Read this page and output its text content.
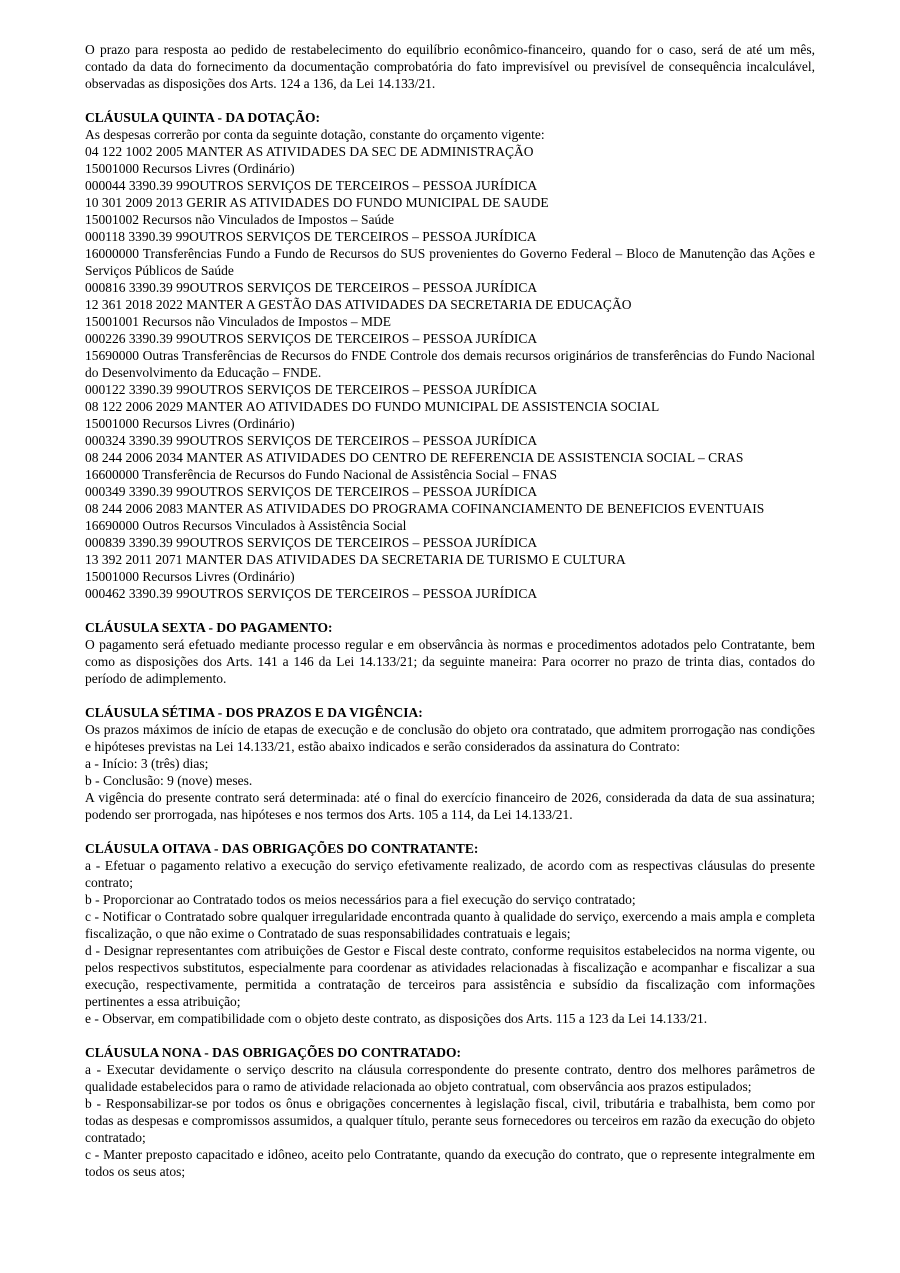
O prazo para resposta ao pedido de restabelecimento do equilíbrio econômico-financeiro, quando for o caso, será de até um mês, contado da data do fornecimento da documentação comprobatória do fato imprevisível ou previsível de consequência incalculável, observadas as disposições dos Arts. 124 a 136, da Lei 14.133/21.

CLÁUSULA QUINTA - DA DOTAÇÃO:

As despesas correrão por conta da seguinte dotação, constante do orçamento vigente:

04 122 1002 2005 MANTER AS ATIVIDADES DA SEC DE ADMINISTRAÇÃO

15001000 Recursos Livres (Ordinário)

000044 3390.39 99OUTROS SERVIÇOS DE TERCEIROS – PESSOA JURÍDICA

10 301 2009 2013 GERIR AS ATIVIDADES DO FUNDO MUNICIPAL DE SAUDE

15001002 Recursos não Vinculados de Impostos – Saúde

000118 3390.39 99OUTROS SERVIÇOS DE TERCEIROS – PESSOA JURÍDICA

16000000 Transferências Fundo a Fundo de Recursos do SUS provenientes do Governo Federal – Bloco de Manutenção das Ações e Serviços Públicos de Saúde

000816 3390.39 99OUTROS SERVIÇOS DE TERCEIROS – PESSOA JURÍDICA

12 361 2018 2022 MANTER A GESTÃO DAS ATIVIDADES DA SECRETARIA DE EDUCAÇÃO

15001001 Recursos não Vinculados de Impostos – MDE

000226 3390.39 99OUTROS SERVIÇOS DE TERCEIROS – PESSOA JURÍDICA

15690000 Outras Transferências de Recursos do FNDE Controle dos demais recursos originários de transferências do Fundo Nacional do Desenvolvimento da Educação – FNDE.

000122 3390.39 99OUTROS SERVIÇOS DE TERCEIROS – PESSOA JURÍDICA

08 122 2006 2029 MANTER AO ATIVIDADES DO FUNDO MUNICIPAL DE ASSISTENCIA SOCIAL

15001000 Recursos Livres (Ordinário)

000324 3390.39 99OUTROS SERVIÇOS DE TERCEIROS – PESSOA JURÍDICA

08 244 2006 2034 MANTER AS ATIVIDADES DO CENTRO DE REFERENCIA DE ASSISTENCIA SOCIAL – CRAS

16600000 Transferência de Recursos do Fundo Nacional de Assistência Social – FNAS

000349 3390.39 99OUTROS SERVIÇOS DE TERCEIROS – PESSOA JURÍDICA

08 244 2006 2083 MANTER AS ATIVIDADES DO PROGRAMA COFINANCIAMENTO DE BENEFICIOS EVENTUAIS

16690000 Outros Recursos Vinculados à Assistência Social

000839 3390.39 99OUTROS SERVIÇOS DE TERCEIROS – PESSOA JURÍDICA

13 392 2011 2071 MANTER DAS ATIVIDADES DA SECRETARIA DE TURISMO E CULTURA

15001000 Recursos Livres (Ordinário)

000462 3390.39 99OUTROS SERVIÇOS DE TERCEIROS – PESSOA JURÍDICA

CLÁUSULA SEXTA - DO PAGAMENTO:

O pagamento será efetuado mediante processo regular e em observância às normas e procedimentos adotados pelo Contratante, bem como as disposições dos Arts. 141 a 146 da Lei 14.133/21; da seguinte maneira: Para ocorrer no prazo de trinta dias, contados do período de adimplemento.

CLÁUSULA SÉTIMA - DOS PRAZOS E DA VIGÊNCIA:

Os prazos máximos de início de etapas de execução e de conclusão do objeto ora contratado, que admitem prorrogação nas condições e hipóteses previstas na Lei 14.133/21, estão abaixo indicados e serão considerados da assinatura do Contrato:

a - Início: 3 (três) dias;

b - Conclusão: 9 (nove) meses.

A vigência do presente contrato será determinada: até o final do exercício financeiro de 2026, considerada da data de sua assinatura; podendo ser prorrogada, nas hipóteses e nos termos dos Arts. 105 a 114, da Lei 14.133/21.

CLÁUSULA OITAVA - DAS OBRIGAÇÕES DO CONTRATANTE:

a - Efetuar o pagamento relativo a execução do serviço efetivamente realizado, de acordo com as respectivas cláusulas do presente contrato;

b - Proporcionar ao Contratado todos os meios necessários para a fiel execução do serviço contratado;

c - Notificar o Contratado sobre qualquer irregularidade encontrada quanto à qualidade do serviço, exercendo a mais ampla e completa fiscalização, o que não exime o Contratado de suas responsabilidades contratuais e legais;

d - Designar representantes com atribuições de Gestor e Fiscal deste contrato, conforme requisitos estabelecidos na norma vigente, ou pelos respectivos substitutos, especialmente para coordenar as atividades relacionadas à fiscalização e acompanhar e fiscalizar a sua execução, respectivamente, permitida a contratação de terceiros para assistência e subsídio da fiscalização com informações pertinentes a essa atribuição;

e - Observar, em compatibilidade com o objeto deste contrato, as disposições dos Arts. 115 a 123 da Lei 14.133/21.

CLÁUSULA NONA - DAS OBRIGAÇÕES DO CONTRATADO:

a - Executar devidamente o serviço descrito na cláusula correspondente do presente contrato, dentro dos melhores parâmetros de qualidade estabelecidos para o ramo de atividade relacionada ao objeto contratual, com observância aos prazos estipulados;

b - Responsabilizar-se por todos os ônus e obrigações concernentes à legislação fiscal, civil, tributária e trabalhista, bem como por todas as despesas e compromissos assumidos, a qualquer título, perante seus fornecedores ou terceiros em razão da execução do objeto contratado;

c - Manter preposto capacitado e idôneo, aceito pelo Contratante, quando da execução do contrato, que o represente integralmente em todos os seus atos;
